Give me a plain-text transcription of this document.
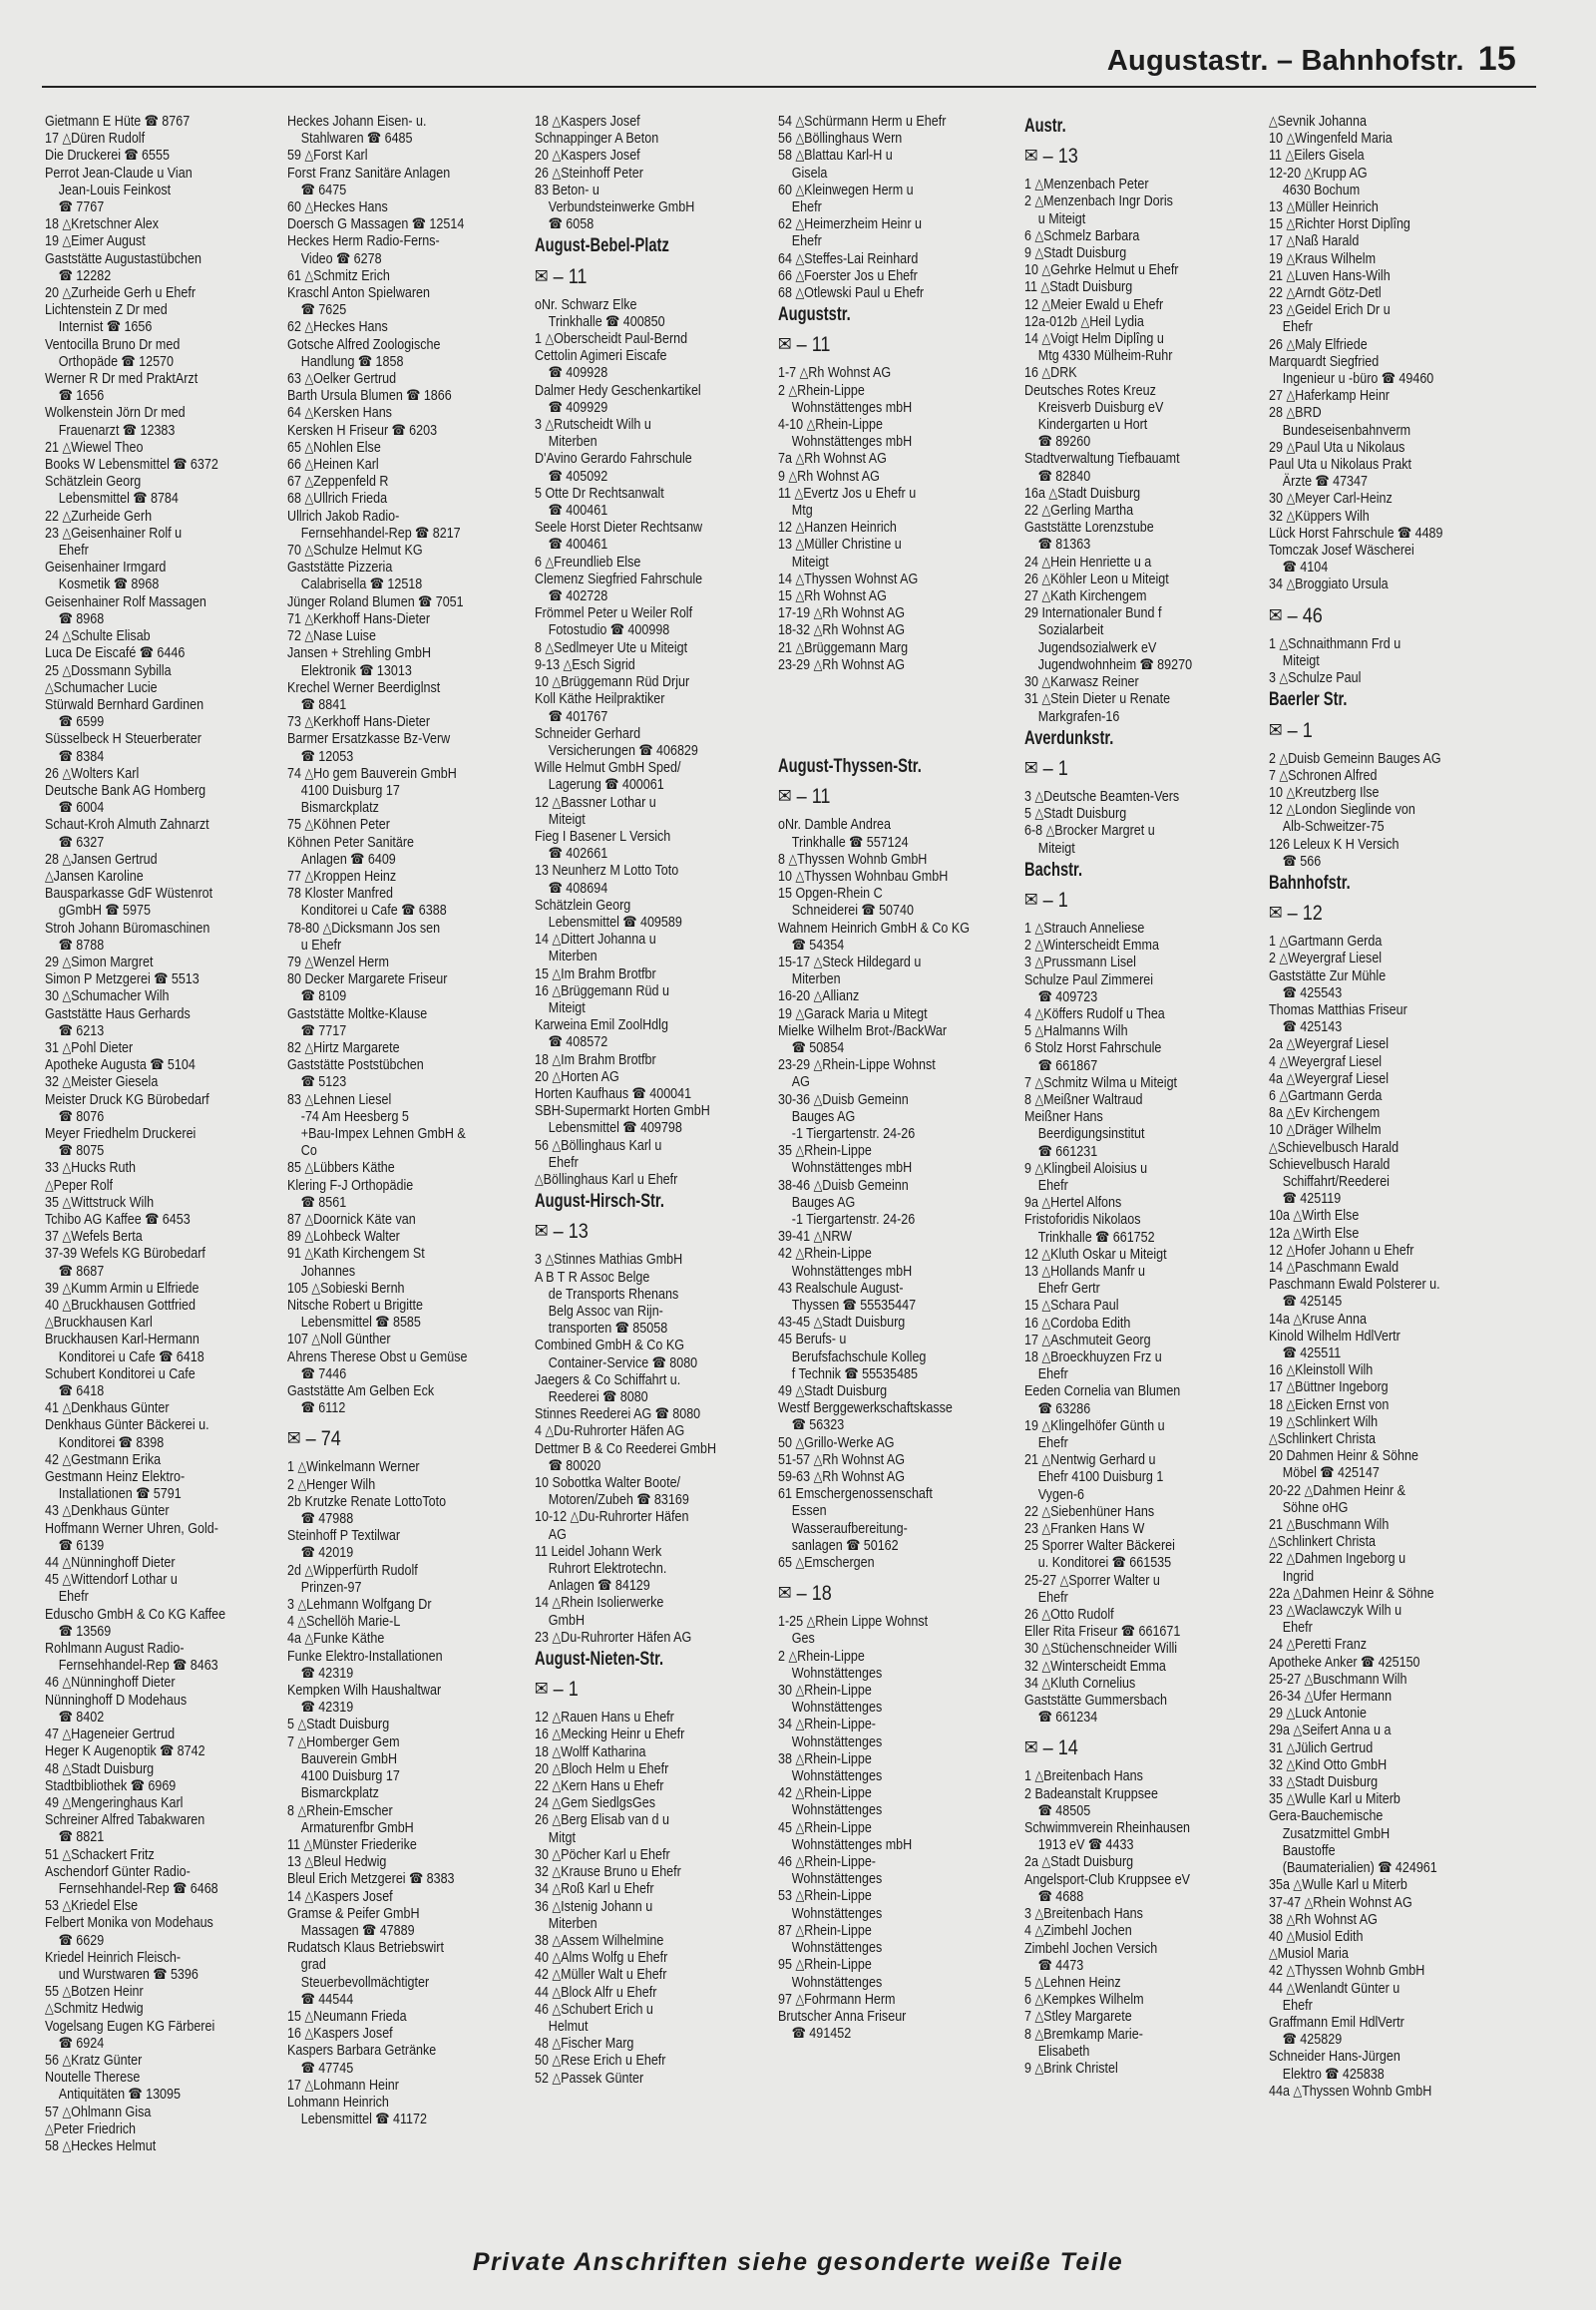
Augustastr. – Bahnhofstr. 15
Gietmann E Hüte ☎ 8767
17 △Düren Rudolf
Die Druckerei ☎ 6555
Perrot Jean-Claude u Vian
Jean-Louis Feinkost
☎ 7767
18 △Kretschner Alex
19 △Eimer August
Gaststätte Augustastübchen
☎ 12282
20 △Zurheide Gerh u Ehefr
Lichtenstein Z Dr med
Internist ☎ 1656
Ventocilla Bruno Dr med
Orthopäde ☎ 12570
Werner R Dr med PraktArzt
☎ 1656
Wolkenstein Jörn Dr med
Frauenarzt ☎ 12383
21 △Wiewel Theo
Books W Lebensmittel ☎ 6372
Schätzlein Georg
Lebensmittel ☎ 8784
22 △Zurheide Gerh
23 △Geisenhainer Rolf u
Ehefr
Geisenhainer Irmgard
Kosmetik ☎ 8968
Geisenhainer Rolf Massagen
☎ 8968
24 △Schulte Elisab
Luca De Eiscafé ☎ 6446
25 △Dossmann Sybilla
△Schumacher Lucie
Stürwald Bernhard Gardinen
☎ 6599
Süsselbeck H Steuerberater
☎ 8384
26 △Wolters Karl
Deutsche Bank AG Homberg
☎ 6004
Schaut-Kroh Almuth Zahnarzt
☎ 6327
28 △Jansen Gertrud
△Jansen Karoline
Bausparkasse GdF Wüstenrot
gGmbH ☎ 5975
Stroh Johann Büromaschinen
☎ 8788
29 △Simon Margret
Simon P Metzgerei ☎ 5513
30 △Schumacher Wilh
Gaststätte Haus Gerhards
☎ 6213
31 △Pohl Dieter
Apotheke Augusta ☎ 5104
32 △Meister Giesela
Meister Druck KG Bürobedarf
☎ 8076
Meyer Friedhelm Druckerei
☎ 8075
33 △Hucks Ruth
△Peper Rolf
35 △Wittstruck Wilh
Tchibo AG Kaffee ☎ 6453
37 △Wefels Berta
37-39 Wefels KG Bürobedarf
☎ 8687
39 △Kumm Armin u Elfriede
40 △Bruckhausen Gottfried
△Bruckhausen Karl
Bruckhausen Karl-Hermann
Konditorei u Cafe ☎ 6418
Schubert Konditorei u Cafe
☎ 6418
41 △Denkhaus Günter
Denkhaus Günter Bäckerei u.
Konditorei ☎ 8398
42 △Gestmann Erika
Gestmann Heinz Elektro-
Installationen ☎ 5791
43 △Denkhaus Günter
Hoffmann Werner Uhren, Gold-
☎ 6139
44 △Nünninghoff Dieter
45 △Wittendorf Lothar u
Ehefr
Eduscho GmbH & Co KG Kaffee
☎ 13569
Rohlmann August Radio-
Fernsehhandel-Rep ☎ 8463
46 △Nünninghoff Dieter
Nünninghoff D Modehaus
☎ 8402
47 △Hageneier Gertrud
Heger K Augenoptik ☎ 8742
48 △Stadt Duisburg
Stadtbibliothek ☎ 6969
49 △Mengeringhaus Karl
Schreiner Alfred Tabakwaren
☎ 8821
51 △Schackert Fritz
Aschendorf Günter Radio-
Fernsehhandel-Rep ☎ 6468
53 △Kriedel Else
Felbert Monika von Modehaus
☎ 6629
Kriedel Heinrich Fleisch-
und Wurstwaren ☎ 5396
55 △Botzen Heinr
△Schmitz Hedwig
Vogelsang Eugen KG Färberei
☎ 6924
56 △Kratz Günter
Noutelle Therese
Antiquitäten ☎ 13095
57 △Ohlmann Gisa
△Peter Friedrich
58 △Heckes Helmut
Heckes Johann Eisen- u.
Stahlwaren ☎ 6485
59 △Forst Karl
Forst Franz Sanitäre Anlagen
☎ 6475
60 △Heckes Hans
Doersch G Massagen ☎ 12514
Heckes Herm Radio-Ferns-
Video ☎ 6278
61 △Schmitz Erich
Kraschl Anton Spielwaren
☎ 7625
62 △Heckes Hans
Gotsche Alfred Zoologische
Handlung ☎ 1858
63 △Oelker Gertrud
Barth Ursula Blumen ☎ 1866
64 △Kersken Hans
Kersken H Friseur ☎ 6203
65 △Nohlen Else
66 △Heinen Karl
67 △Zeppenfeld R
68 △Ullrich Frieda
Ullrich Jakob Radio-
Fernsehhandel-Rep ☎ 8217
70 △Schulze Helmut KG
Gaststätte Pizzeria
Calabrisella ☎ 12518
Jünger Roland Blumen ☎ 7051
71 △Kerkhoff Hans-Dieter
72 △Nase Luise
Jansen + Strehling GmbH
Elektronik ☎ 13013
Krechel Werner Beerdiglnst
☎ 8841
73 △Kerkhoff Hans-Dieter
Barmer Ersatzkasse Bz-Verw
☎ 12053
74 △Ho gem Bauverein GmbH
4100 Duisburg 17
Bismarckplatz
75 △Köhnen Peter
Köhnen Peter Sanitäre
Anlagen ☎ 6409
77 △Kroppen Heinz
78 Kloster Manfred
Konditorei u Cafe ☎ 6388
78-80 △Dicksmann Jos sen
u Ehefr
79 △Wenzel Herm
80 Decker Margarete Friseur
☎ 8109
Gaststätte Moltke-Klause
☎ 7717
82 △Hirtz Margarete
Gaststätte Poststübchen
☎ 5123
83 △Lehnen Liesel
-74 Am Heesberg 5
+Bau-Impex Lehnen GmbH &
Co
85 △Lübbers Käthe
Klering F-J Orthopädie
☎ 8561
87 △Doornick Käte van
89 △Lohbeck Walter
91 △Kath Kirchengem St
Johannes
105 △Sobieski Bernh
Nitsche Robert u Brigitte
Lebensmittel ☎ 8585
107 △Noll Günther
Ahrens Therese Obst u Gemüse
☎ 7446
Gaststätte Am Gelben Eck
☎ 6112
✉ – 74
1 △Winkelmann Werner
2 △Henger Wilh
2b Krutzke Renate LottoToto
☎ 47988
Steinhoff P Textilwar
☎ 42019
2d △Wipperfürth Rudolf
Prinzen-97
3 △Lehmann Wolfgang Dr
4 △Schellöh Marie-L
4a △Funke Käthe
Funke Elektro-Installationen
☎ 42319
Kempken Wilh Haushaltwar
☎ 42319
5 △Stadt Duisburg
7 △Homberger Gem
Bauverein GmbH
4100 Duisburg 17
Bismarckplatz
8 △Rhein-Emscher
Armaturenfbr GmbH
11 △Münster Friederike
13 △Bleul Hedwig
Bleul Erich Metzgerei ☎ 8383
14 △Kaspers Josef
Gramse & Peifer GmbH
Massagen ☎ 47889
Rudatsch Klaus Betriebswirt
grad
Steuerbevollmächtigter
☎ 44544
15 △Neumann Frieda
16 △Kaspers Josef
Kaspers Barbara Getränke
☎ 47745
17 △Lohmann Heinr
Lohmann Heinrich
Lebensmittel ☎ 41172
18 △Kaspers Josef
Schnappinger A Beton
20 △Kaspers Josef
26 △Steinhoff Peter
83 Beton- u
Verbundsteinwerke GmbH
☎ 6058
August-Bebel-Platz
✉ – 11
oNr. Schwarz Elke
Trinkhalle ☎ 400850
1 △Oberscheidt Paul-Bernd
Cettolin Agimeri Eiscafe
☎ 409928
Dalmer Hedy Geschenkartikel
☎ 409929
3 △Rutscheidt Wilh u
Miterben
D'Avino Gerardo Fahrschule
☎ 405092
5 Otte Dr Rechtsanwalt
☎ 400461
Seele Horst Dieter Rechtsanw
☎ 400461
6 △Freundlieb Else
Clemenz Siegfried Fahrschule
☎ 402728
Frömmel Peter u Weiler Rolf
Fotostudio ☎ 400998
8 △Sedlmeyer Ute u Miteigt
9-13 △Esch Sigrid
10 △Brüggemann Rüd Drjur
Koll Käthe Heilpraktiker
☎ 401767
Schneider Gerhard
Versicherungen ☎ 406829
Wille Helmut GmbH Sped/
Lagerung ☎ 400061
12 △Bassner Lothar u
Miteigt
Fieg I Basener L Versich
☎ 402661
13 Neunherz M Lotto Toto
☎ 408694
Schätzlein Georg
Lebensmittel ☎ 409589
14 △Dittert Johanna u
Miterben
15 △Im Brahm Brotfbr
16 △Brüggemann Rüd u
Miteigt
Karweina Emil ZoolHdlg
☎ 408572
18 △Im Brahm Brotfbr
20 △Horten AG
Horten Kaufhaus ☎ 400041
SBH-Supermarkt Horten GmbH
Lebensmittel ☎ 409798
56 △Böllinghaus Karl u
Ehefr
△Böllinghaus Karl u Ehefr
August-Hirsch-Str.
✉ – 13
3 △Stinnes Mathias GmbH
A B T R Assoc Belge
de Transports Rhenans
Belg Assoc van Rijn-
transporten ☎ 85058
Combined GmbH & Co KG
Container-Service ☎ 8080
Jaegers & Co Schiffahrt u.
Reederei ☎ 8080
Stinnes Reederei AG ☎ 8080
4 △Du-Ruhrorter Häfen AG
Dettmer B & Co Reederei GmbH
☎ 80020
10 Sobottka Walter Boote/
Motoren/Zubeh ☎ 83169
10-12 △Du-Ruhrorter Häfen
AG
11 Leidel Johann Werk
Ruhrort Elektrotechn.
Anlagen ☎ 84129
14 △Rhein Isolierwerke
GmbH
23 △Du-Ruhrorter Häfen AG
August-Nieten-Str.
✉ – 1
12 △Rauen Hans u Ehefr
16 △Mecking Heinr u Ehefr
18 △Wolff Katharina
20 △Bloch Helm u Ehefr
22 △Kern Hans u Ehefr
24 △Gem SiedlgsGes
26 △Berg Elisab van d u
Mitgt
30 △Pöcher Karl u Ehefr
32 △Krause Bruno u Ehefr
34 △Roß Karl u Ehefr
36 △Istenig Johann u
Miterben
38 △Assem Wilhelmine
40 △Alms Wolfg u Ehefr
42 △Müller Walt u Ehefr
44 △Block Alfr u Ehefr
46 △Schubert Erich u
Helmut
48 △Fischer Marg
50 △Rese Erich u Ehefr
52 △Passek Günter
54 △Schürmann Herm u Ehefr
56 △Böllinghaus Wern
58 △Blattau Karl-H u
Gisela
60 △Kleinwegen Herm u
Ehefr
62 △Heimerzheim Heinr u
Ehefr
64 △Steffes-Lai Reinhard
66 △Foerster Jos u Ehefr
68 △Otlewski Paul u Ehefr
Auguststr.
✉ – 11
1-7 △Rh Wohnst AG
2 △Rhein-Lippe
Wohnstättenges mbH
4-10 △Rhein-Lippe
Wohnstättenges mbH
7a △Rh Wohnst AG
9 △Rh Wohnst AG
11 △Evertz Jos u Ehefr u
Mtg
12 △Hanzen Heinrich
13 △Müller Christine u
Miteigt
14 △Thyssen Wohnst AG
15 △Rh Wohnst AG
17-19 △Rh Wohnst AG
18-32 △Rh Wohnst AG
21 △Brüggemann Marg
23-29 △Rh Wohnst AG
August-Thyssen-Str.
✉ – 11
oNr. Damble Andrea
Trinkhalle ☎ 557124
8 △Thyssen Wohnb GmbH
10 △Thyssen Wohnbau GmbH
15 Opgen-Rhein C
Schneiderei ☎ 50740
Wahnem Heinrich GmbH & Co KG
☎ 54354
15-17 △Steck Hildegard u
Miterben
16-20 △Allianz
19 △Garack Maria u Mitegt
Mielke Wilhelm Brot-/BackWar
☎ 50854
23-29 △Rhein-Lippe Wohnst
AG
30-36 △Duisb Gemeinn
Bauges AG
-1 Tiergartenstr. 24-26
35 △Rhein-Lippe
Wohnstättenges mbH
38-46 △Duisb Gemeinn
Bauges AG
-1 Tiergartenstr. 24-26
39-41 △NRW
42 △Rhein-Lippe
Wohnstättenges mbH
43 Realschule August-
Thyssen ☎ 55535447
43-45 △Stadt Duisburg
45 Berufs- u
Berufsfachschule Kolleg
f Technik ☎ 55535485
49 △Stadt Duisburg
Westf Berggewerkschaftskasse
☎ 56323
50 △Grillo-Werke AG
51-57 △Rh Wohnst AG
59-63 △Rh Wohnst AG
61 Emschergenossenschaft
Essen
Wasseraufbereitung-
sanlagen ☎ 50162
65 △Emschergen
✉ – 18
1-25 △Rhein Lippe Wohnst
Ges
2 △Rhein-Lippe
Wohnstättenges
30 △Rhein-Lippe
Wohnstättenges
34 △Rhein-Lippe-
Wohnstättenges
38 △Rhein-Lippe
Wohnstättenges
42 △Rhein-Lippe
Wohnstättenges
45 △Rhein-Lippe
Wohnstättenges mbH
46 △Rhein-Lippe-
Wohnstättenges
53 △Rhein-Lippe
Wohnstättenges
87 △Rhein-Lippe
Wohnstättenges
95 △Rhein-Lippe
Wohnstättenges
97 △Fohrmann Herm
Brutscher Anna Friseur
☎ 491452
Austr.
✉ – 13
1 △Menzenbach Peter
2 △Menzenbach Ingr Doris
u Miteigt
6 △Schmelz Barbara
9 △Stadt Duisburg
10 △Gehrke Helmut u Ehefr
11 △Stadt Duisburg
12 △Meier Ewald u Ehefr
12a-012b △Heil Lydia
14 △Voigt Helm Diplîng u
Mtg 4330 Mülheim-Ruhr
16 △DRK
Deutsches Rotes Kreuz
Kreisverb Duisburg eV
Kindergarten u Hort
☎ 89260
Stadtverwaltung Tiefbauamt
☎ 82840
16a △Stadt Duisburg
22 △Gerling Martha
Gaststätte Lorenzstube
☎ 81363
24 △Hein Henriette u a
26 △Köhler Leon u Miteigt
27 △Kath Kirchengem
29 Internationaler Bund f
Sozialarbeit
Jugendsozialwerk eV
Jugendwohnheim ☎ 89270
30 △Karwasz Reiner
31 △Stein Dieter u Renate
Markgrafen-16
Averdunkstr.
✉ – 1
3 △Deutsche Beamten-Vers
5 △Stadt Duisburg
6-8 △Brocker Margret u
Miteigt
Bachstr.
✉ – 1
1 △Strauch Anneliese
2 △Winterscheidt Emma
3 △Prussmann Lisel
Schulze Paul Zimmerei
☎ 409723
4 △Köffers Rudolf u Thea
5 △Halmanns Wilh
6 Stolz Horst Fahrschule
☎ 661867
7 △Schmitz Wilma u Miteigt
8 △Meißner Waltraud
Meißner Hans
Beerdigungsinstitut
☎ 661231
9 △Klingbeil Aloisius u
Ehefr
9a △Hertel Alfons
Fristoforidis Nikolaos
Trinkhalle ☎ 661752
12 △Kluth Oskar u Miteigt
13 △Hollands Manfr u
Ehefr Gertr
15 △Schara Paul
16 △Cordoba Edith
17 △Aschmuteit Georg
18 △Broeckhuyzen Frz u
Ehefr
Eeden Cornelia van Blumen
☎ 63286
19 △Klingelhöfer Günth u
Ehefr
21 △Nentwig Gerhard u
Ehefr 4100 Duisburg 1
Vygen-6
22 △Siebenhüner Hans
23 △Franken Hans W
25 Sporrer Walter Bäckerei
u. Konditorei ☎ 661535
25-27 △Sporrer Walter u
Ehefr
26 △Otto Rudolf
Eller Rita Friseur ☎ 661671
30 △Stüchenschneider Willi
32 △Winterscheidt Emma
34 △Kluth Cornelius
Gaststätte Gummersbach
☎ 661234
✉ – 14
1 △Breitenbach Hans
2 Badeanstalt Kruppsee
☎ 48505
Schwimmverein Rheinhausen
1913 eV ☎ 4433
2a △Stadt Duisburg
Angelsport-Club Kruppsee eV
☎ 4688
3 △Breitenbach Hans
4 △Zimbehl Jochen
Zimbehl Jochen Versich
☎ 4473
5 △Lehnen Heinz
6 △Kempkes Wilhelm
7 △Stley Margarete
8 △Bremkamp Marie-
Elisabeth
9 △Brink Christel
△Sevnik Johanna
10 △Wingenfeld Maria
11 △Eilers Gisela
12-20 △Krupp AG
4630 Bochum
13 △Müller Heinrich
15 △Richter Horst Diplîng
17 △Naß Harald
19 △Kraus Wilhelm
21 △Luven Hans-Wilh
22 △Arndt Götz-Detl
23 △Geidel Erich Dr u
Ehefr
26 △Maly Elfriede
Marquardt Siegfried
Ingenieur u -büro ☎ 49460
27 △Haferkamp Heinr
28 △BRD
Bundeseisenbahnverm
29 △Paul Uta u Nikolaus
Paul Uta u Nikolaus Prakt
Ärzte ☎ 47347
30 △Meyer Carl-Heinz
32 △Küppers Wilh
Lück Horst Fahrschule ☎ 4489
Tomczak Josef Wäscherei
☎ 4104
34 △Broggiato Ursula
✉ – 46
1 △Schnaithmann Frd u
Miteigt
3 △Schulze Paul
Baerler Str.
✉ – 1
2 △Duisb Gemeinn Bauges AG
7 △Schronen Alfred
10 △Kreutzberg Ilse
12 △London Sieglinde von
Alb-Schweitzer-75
126 Leleux K H Versich
☎ 566
Bahnhofstr.
✉ – 12
1 △Gartmann Gerda
2 △Weyergraf Liesel
Gaststätte Zur Mühle
☎ 425543
Thomas Matthias Friseur
☎ 425143
2a △Weyergraf Liesel
4 △Weyergraf Liesel
4a △Weyergraf Liesel
6 △Gartmann Gerda
8a △Ev Kirchengem
10 △Dräger Wilhelm
△Schievelbusch Harald
Schievelbusch Harald
Schiffahrt/Reederei
☎ 425119
10a △Wirth Else
12a △Wirth Else
12 △Hofer Johann u Ehefr
14 △Paschmann Ewald
Paschmann Ewald Polsterer u.
☎ 425145
14a △Kruse Anna
Kinold Wilhelm HdlVertr
☎ 425511
16 △Kleinstoll Wilh
17 △Büttner Ingeborg
18 △Eicken Ernst von
19 △Schlinkert Wilh
△Schlinkert Christa
20 Dahmen Heinr & Söhne
Möbel ☎ 425147
20-22 △Dahmen Heinr &
Söhne oHG
21 △Buschmann Wilh
△Schlinkert Christa
22 △Dahmen Ingeborg u
Ingrid
22a △Dahmen Heinr & Söhne
23 △Waclawczyk Wilh u
Ehefr
24 △Peretti Franz
Apotheke Anker ☎ 425150
25-27 △Buschmann Wilh
26-34 △Ufer Hermann
29 △Luck Antonie
29a △Seifert Anna u a
31 △Jülich Gertrud
32 △Kind Otto GmbH
33 △Stadt Duisburg
35 △Wulle Karl u Miterb
Gera-Bauchemische
Zusatzmittel GmbH
Baustoffe
(Baumaterialien) ☎ 424961
35a △Wulle Karl u Miterb
37-47 △Rhein Wohnst AG
38 △Rh Wohnst AG
40 △Musiol Edith
△Musiol Maria
42 △Thyssen Wohnb GmbH
44 △Wenlandt Günter u
Ehefr
Graffmann Emil HdlVertr
☎ 425829
Schneider Hans-Jürgen
Elektro ☎ 425838
44a △Thyssen Wohnb GmbH
Private Anschriften siehe gesonderte weiße Teile
